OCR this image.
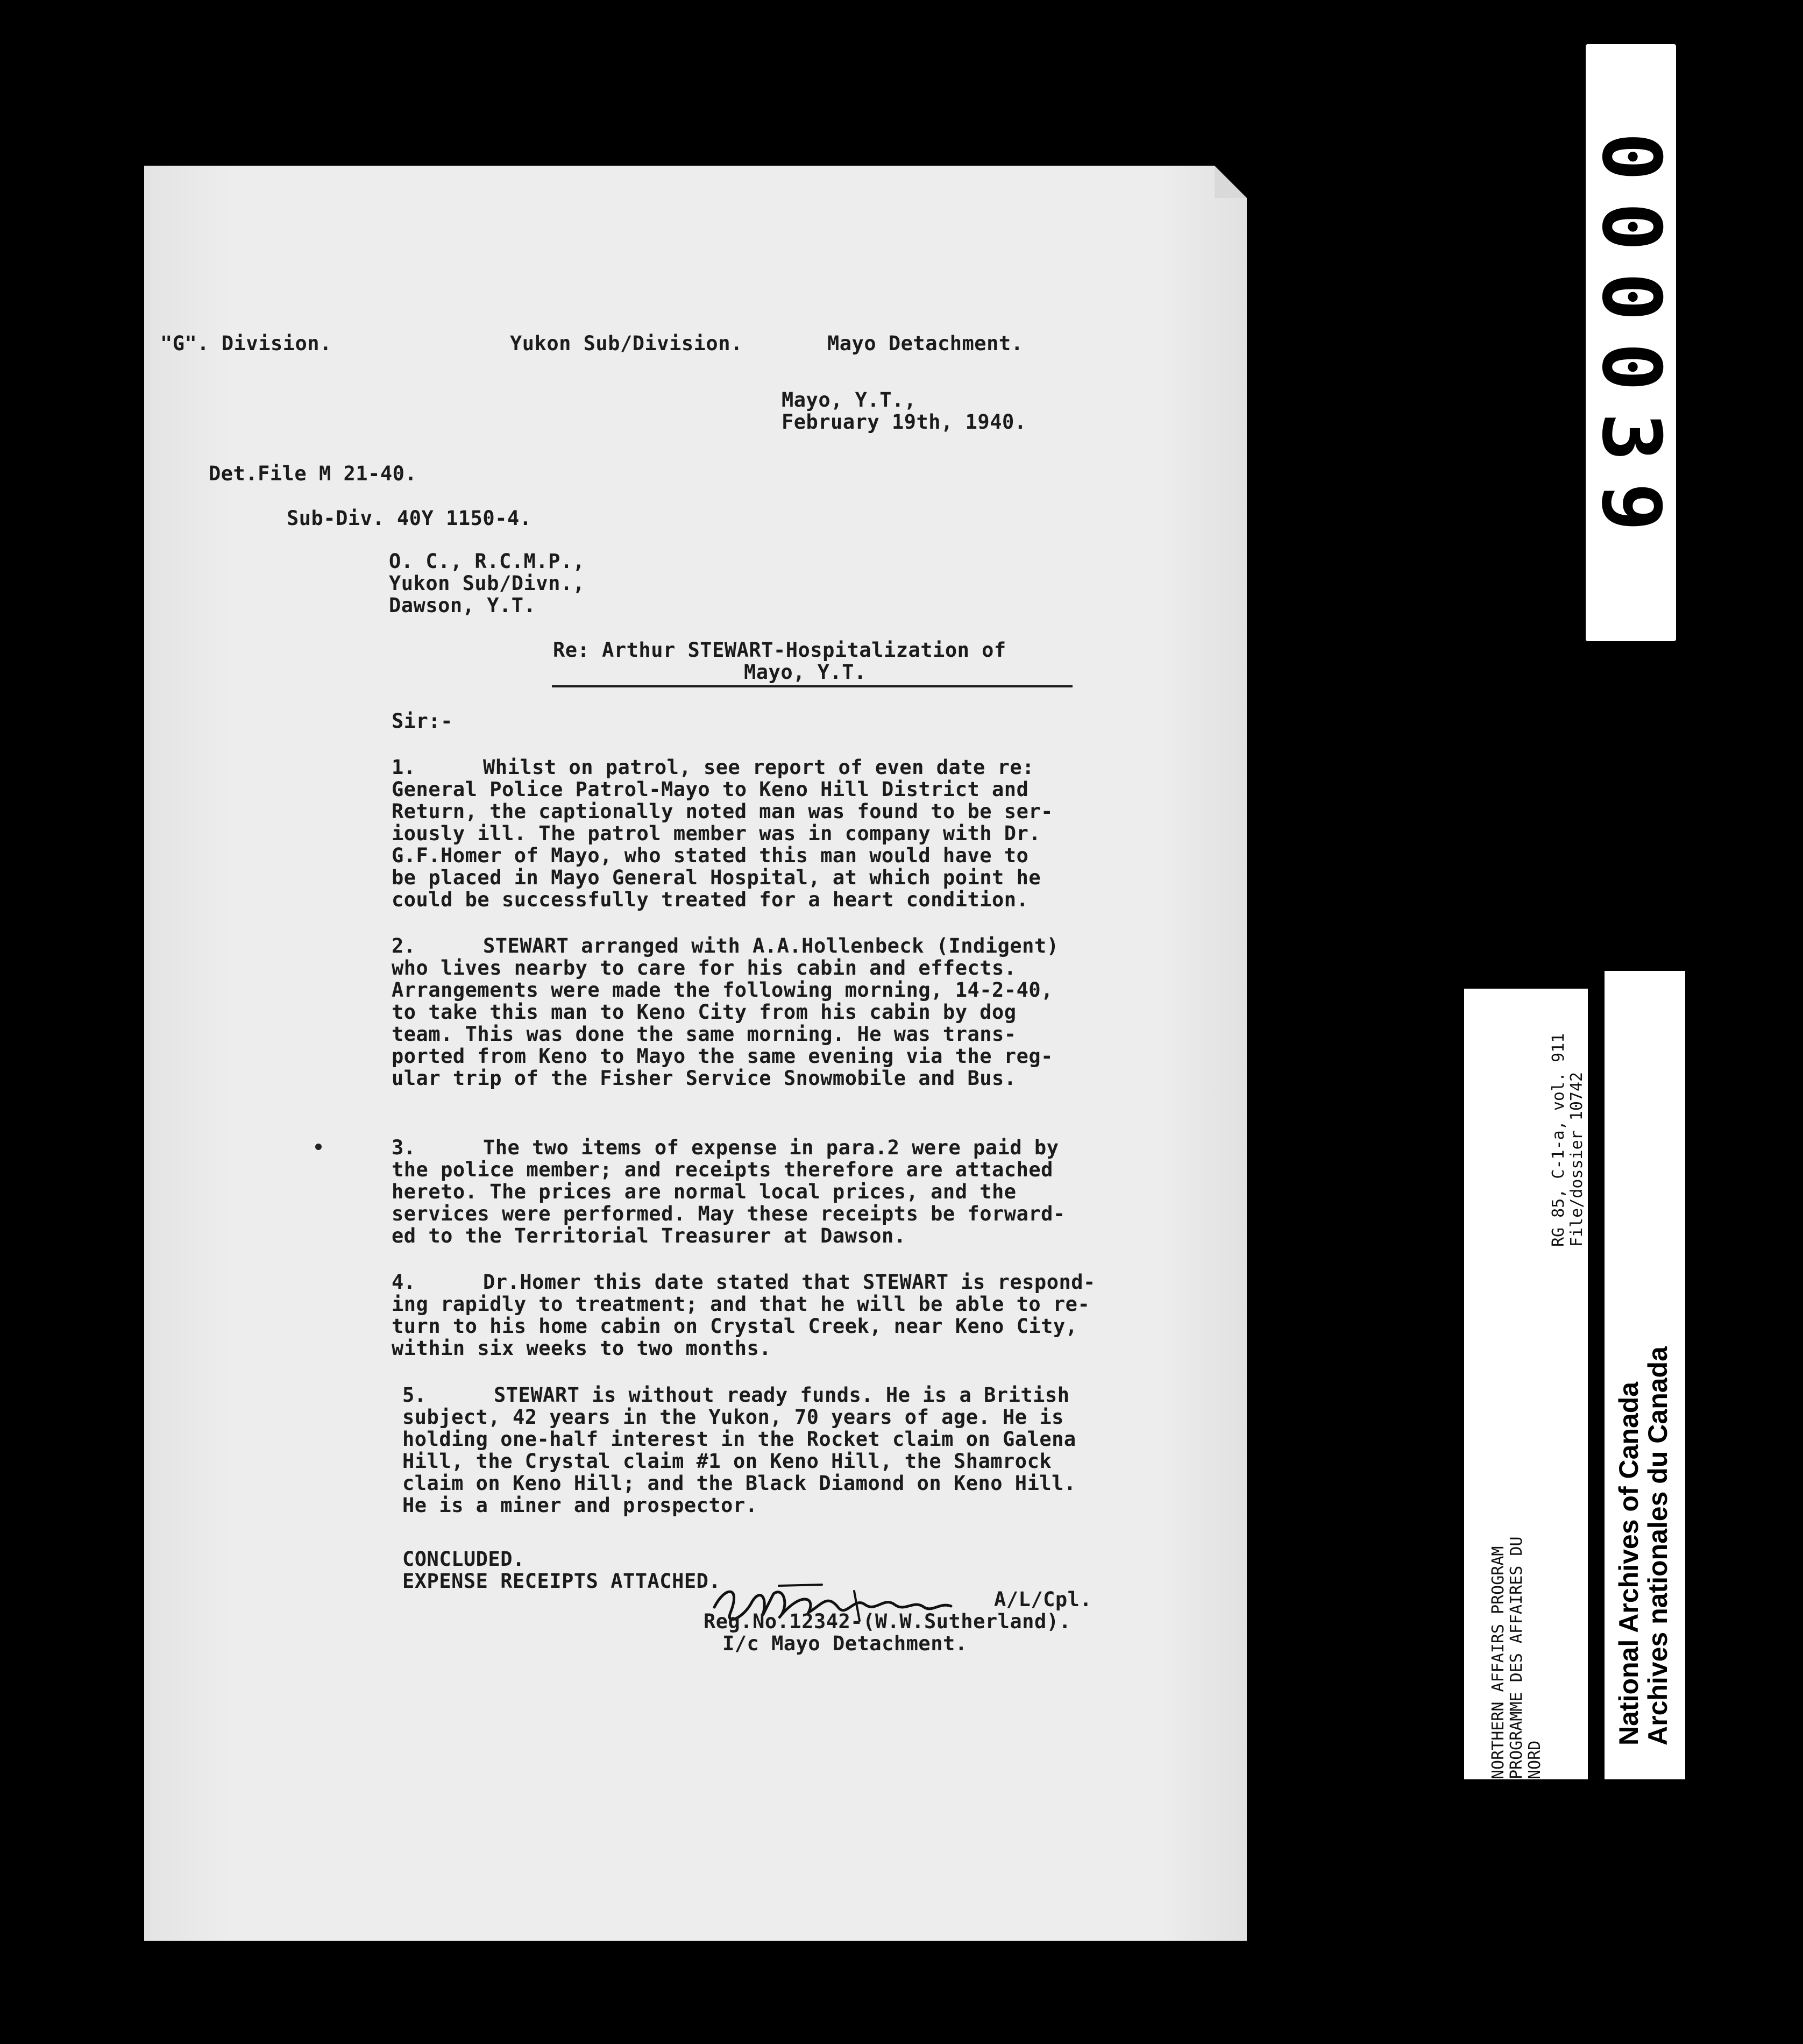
"G". Division.	Yukon Sub/Division.	Mayo Detachment.
Mayo, Y.T.,
February 19th, 1940.
Det.File M 21-40.
Sub-Div. 40Y 1150-4.
O. C., R.C.M.P.,
Yukon Sub/Divn.,
Dawson, Y.T.
Re: Arthur STEWART-Hospitalization of
Mayo, Y.T.
Sir:-
1.	Whilst on patrol, see report of even date re:
General Police Patrol-Mayo to Keno Hill District and
Return, the captionally noted man was found to be ser-
iously ill. The patrol member was in company with Dr.
G.F.Homer of Mayo, who stated this man would have to
be placed in Mayo General Hospital, at which point he
could be successfully treated for a heart condition.
2.	STEWART arranged with A.A.Hollenbeck (Indigent)
who lives nearby to care for his cabin and effects.
Arrangements were made the following morning, 14-2-40,
to take this man to Keno City from his cabin by dog
team. This was done the same morning. He was trans-
ported from Keno to Mayo the same evening via the reg-
ular trip of the Fisher Service Snowmobile and Bus.
3.	The two items of expense in para.2 were paid by
the police member; and receipts therefore are attached
hereto. The prices are normal local prices, and the
services were performed. May these receipts be forward-
ed to the Territorial Treasurer at Dawson.
4.	Dr.Homer this date stated that STEWART is respond-
ing rapidly to treatment; and that he will be able to re-
turn to his home cabin on Crystal Creek, near Keno City,
within six weeks to two months.
5.	STEWART is without ready funds. He is a British
subject, 42 years in the Yukon, 70 years of age. He is
holding one-half interest in the Rocket claim on Galena
Hill, the Crystal claim #1 on Keno Hill, the Shamrock
claim on Keno Hill; and the Black Diamond on Keno Hill.
He is a miner and prospector.
CONCLUDED.
EXPENSE RECEIPTS ATTACHED.
A/L/Cpl.
Reg.No.12342-(W.W.Sutherland).
I/c Mayo Detachment.
000039
NORTHERN AFFAIRS PROGRAM PROGRAMME DES AFFAIRES DU NORD
RG 85, C-1-a, vol. 911 File/dossier 10742
National Archives of Canada
Archives nationales du Canada
